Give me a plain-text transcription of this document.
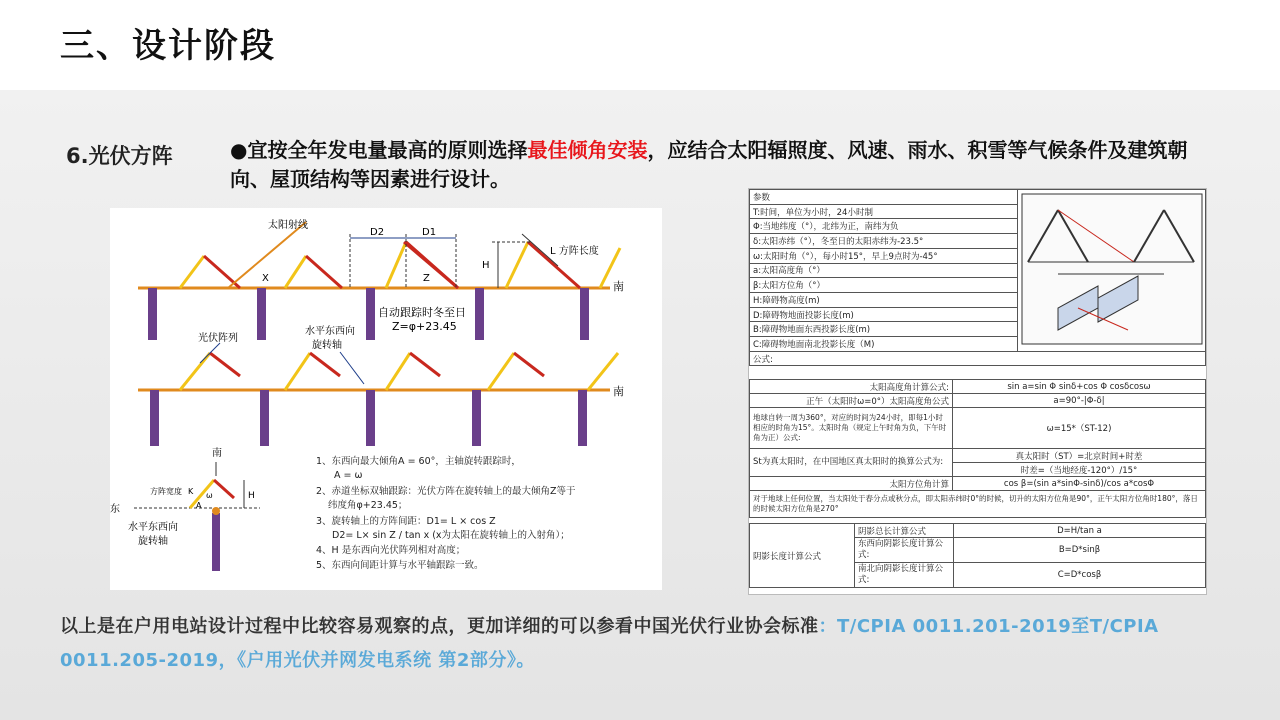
三、设计阶段
6.光伏方阵	●宜按全年发电量最高的原则选择最佳倾角安装，应结合太阳辐照度、风速、雨水、积雪等气候条件及建筑朝向、屋顶结构等因素进行设计。
太阳射线
D2	D1
H
L 方阵长度
X	Z
南
自动跟踪时冬至日
Z=φ+23.45
光伏阵列
水平东西向
旋转轴
南
南
H
方阵宽度 K
A
ω
东
水平东西向
旋转轴
1、东西向最大倾角A = 60°，主轴旋转跟踪时，
A = ω
2、赤道坐标双轴跟踪：光伏方阵在旋转轴上的最大倾角Z等于
纬度角φ+23.45；
3、旋转轴上的方阵间距：D1= L × cos Z
D2= L× sin Z / tan x (x为太阳在旋转轴上的入射角）；
4、H 是东西向光伏阵列相对高度；
5、东西向间距计算与水平轴跟踪一致。
参数	
T:时间，单位为小时，24小时制
Φ:当地纬度（°），北纬为正，南纬为负
δ:太阳赤纬（°），冬至日的太阳赤纬为-23.5°
ω:太阳时角（°），每小时15°，早上9点时为-45°
a:太阳高度角（°）
β:太阳方位角（°）
H:障碍物高度(m)
D:障碍物地面投影长度(m)
B:障碍物地面东西投影长度(m)
C:障碍物地面南北投影长度（M)
公式:
太阳高度角计算公式:	sin a=sin Φ sinδ+cos Φ cosδcosω
正午（太阳时ω=0°）太阳高度角公式	a=90°-|Φ-δ|
地球自转一周为360°，对应的时间为24小时，即每1小时相应的时角为15°。太阳时角（规定上午时角为负，下午时角为正）公式:	ω=15*（ST-12)
St为真太阳时，在中国地区真太阳时的换算公式为:	真太阳时（ST）=北京时间+时差
	时差=（当地经度-120°）/15°
太阳方位角计算	cos β=(sin a*sinΦ-sinδ)/cos a*cosΦ
对于地球上任何位置，当太阳处于春分点或秋分点，即太阳赤纬时0°的时候，切升的太阳方位角是90°，正午太阳方位角时180°，落日的时候太阳方位角是270°	
阴影长度计算公式	阴影总长计算公式	D=H/tan a
	东西向阴影长度计算公式:	B=D*sinβ
	南北向阴影长度计算公式:	C=D*cosβ
以上是在户用电站设计过程中比较容易观察的点，更加详细的可以参看中国光伏行业协会标准：T/CPIA 0011.201-2019至T/CPIA 0011.205-2019，《户用光伏并网发电系统 第2部分》。
